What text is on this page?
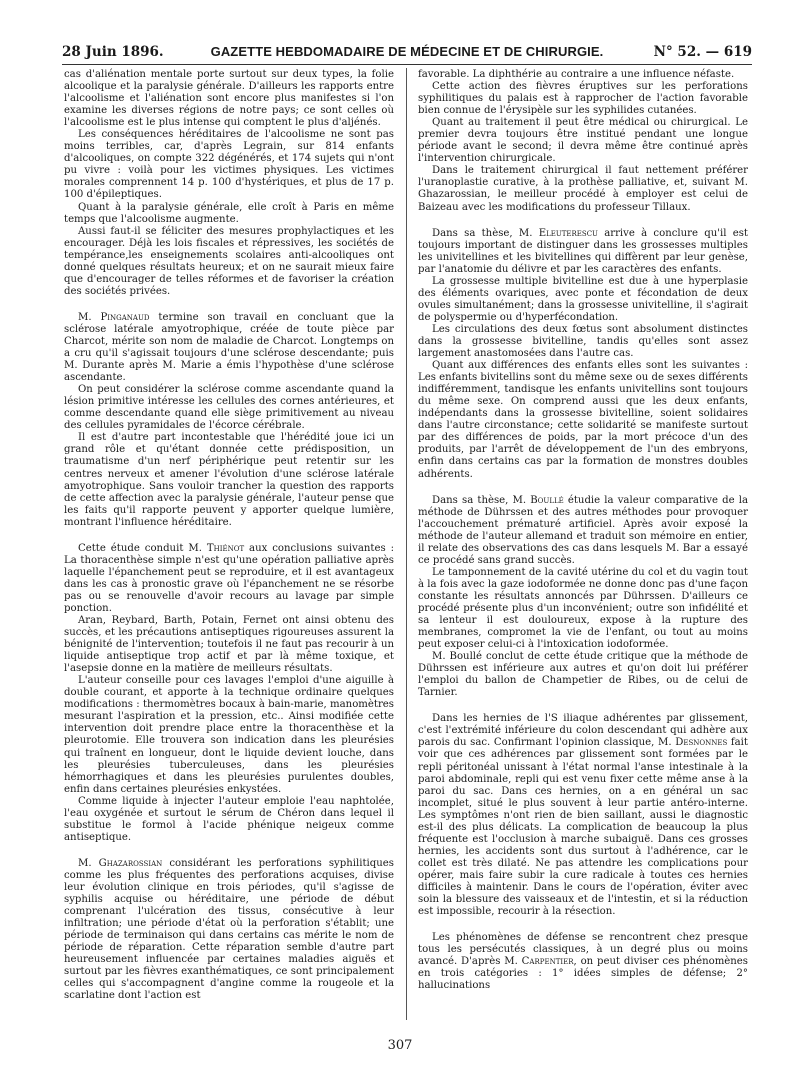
28 Juin 1896.	GAZETTE HEBDOMADAIRE DE MÉDECINE ET DE CHIRURGIE.	N° 52. — 619

cas d'aliénation mentale porte surtout sur deux types, la folie alcoolique et la paralysie générale. D'ailleurs les rapports entre l'alcoolisme et l'aliénation sont encore plus manifestes si l'on examine les diverses régions de notre pays; ce sont celles où l'alcoolisme est le plus intense qui comptent le plus d'aljénés.

Les conséquences héréditaires de l'alcoolisme ne sont pas moins terribles, car, d'après Legrain, sur 814 enfants d'alcooliques, on compte 322 dégénérés, et 174 sujets qui n'ont pu vivre : voilà pour les victimes physiques. Les victimes morales comprennent 14 p. 100 d'hystériques, et plus de 17 p. 100 d'épileptiques.

Quant à la paralysie générale, elle croît à Paris en même temps que l'alcoolisme augmente.

Aussi faut-il se féliciter des mesures prophylactiques et les encourager. Déjà les lois fiscales et répressives, les sociétés de tempérance,les enseignements scolaires anti-alcooliques ont donné quelques résultats heureux; et on ne saurait mieux faire que d'encourager de telles réformes et de favoriser la création des sociétés privées.

M. Pinganaud termine son travail en concluant que la sclérose latérale amyotrophique, créée de toute pièce par Charcot, mérite son nom de maladie de Charcot. Longtemps on a cru qu'il s'agissait toujours d'une sclérose descendante; puis M. Durante après M. Marie a émis l'hypothèse d'une sclérose ascendante.

On peut considérer la sclérose comme ascendante quand la lésion primitive intéresse les cellules des cornes antérieures, et comme descendante quand elle siège primitivement au niveau des cellules pyramidales de l'écorce cérébrale.

Il est d'autre part incontestable que l'hérédité joue ici un grand rôle et qu'étant donnée cette prédisposition, un traumatisme d'un nerf périphérique peut retentir sur les centres nerveux et amener l'évolution d'une sclérose latérale amyotrophique. Sans vouloir trancher la question des rapports de cette affection avec la paralysie générale, l'auteur pense que les faits qu'il rapporte peuvent y apporter quelque lumière, montrant l'influence héréditaire.

Cette étude conduit M. Thiénot aux conclusions suivantes : La thoracenthèse simple n'est qu'une opération palliative après laquelle l'épanchement peut se reproduire, et il est avantageux dans les cas à pronostic grave où l'épanchement ne se résorbe pas ou se renouvelle d'avoir recours au lavage par simple ponction.

Aran, Reybard, Barth, Potain, Fernet ont ainsi obtenu des succès, et les précautions antiseptiques rigoureuses assurent la bénignité de l'intervention; toutefois il ne faut pas recourir à un liquide antiseptique trop actif et par là même toxique, et l'asepsie donne en la matière de meilleurs résultats.

L'auteur conseille pour ces lavages l'emploi d'une aiguille à double courant, et apporte à la technique ordinaire quelques modifications : thermomètres bocaux à bain-marie, manomètres mesurant l'aspiration et la pression, etc.. Ainsi modifiée cette intervention doit prendre place entre la thoracenthèse et la pleurotomie. Elle trouvera son indication dans les pleurésies qui traînent en longueur, dont le liquide devient louche, dans les pleurésies tuberculeuses, dans les pleurésies hémorrhagiques et dans les pleurésies purulentes doubles, enfin dans certaines pleurésies enkystées.

Comme liquide à injecter l'auteur emploie l'eau naphtolée, l'eau oxygénée et surtout le sérum de Chéron dans lequel il substitue le formol à l'acide phénique neigeux comme antiseptique.

M. Ghazarossian considérant les perforations syphilitiques comme les plus fréquentes des perforations acquises, divise leur évolution clinique en trois périodes, qu'il s'agisse de syphilis acquise ou héréditaire, une période de début comprenant l'ulcération des tissus, consécutive à leur infiltration; une période d'état où la perforation s'établit; une période de terminaison qui dans certains cas mérite le nom de période de réparation. Cette réparation semble d'autre part heureusement influencée par certaines maladies aiguës et surtout par les fièvres exanthématiques, ce sont principalement celles qui s'accompagnent d'angine comme la rougeole et la scarlatine dont l'action est

favorable. La diphthérie au contraire a une influence néfaste.

Cette action des fièvres éruptives sur les perforations syphilitiques du palais est à rapprocher de l'action favorable bien connue de l'érysipèle sur les syphilides cutanées.

Quant au traitement il peut être médical ou chirurgical. Le premier devra toujours être institué pendant une longue période avant le second; il devra même être continué après l'intervention chirurgicale.

Dans le traitement chirurgical il faut nettement préférer l'uranoplastie curative, à la prothèse palliative, et, suivant M. Ghazarossian, le meilleur procédé à employer est celui de Baizeau avec les modifications du professeur Tillaux.

Dans sa thèse, M. Eleuterescu arrive à conclure qu'il est toujours important de distinguer dans les grossesses multiples les univitellines et les bivitellines qui diffèrent par leur genèse, par l'anatomie du délivre et par les caractères des enfants.

La grossesse multiple bivitelline est due à une hyperplasie des éléments ovariques, avec ponte et fécondation de deux ovules simultanément; dans la grossesse univitelline, il s'agirait de polyspermie ou d'hyperfécondation.

Les circulations des deux fœtus sont absolument distinctes dans la grossesse bivitelline, tandis qu'elles sont assez largement anastomosées dans l'autre cas.

Quant aux différences des enfants elles sont les suivantes : Les enfants bivitellins sont du même sexe ou de sexes différents indifféremment, tandisque les enfants univitellins sont toujours du même sexe. On comprend aussi que les deux enfants, indépendants dans la grossesse bivitelline, soient solidaires dans l'autre circonstance; cette solidarité se manifeste surtout par des différences de poids, par la mort précoce d'un des produits, par l'arrêt de développement de l'un des embryons, enfin dans certains cas par la formation de monstres doubles adhérents.

Dans sa thèse, M. Boullé étudie la valeur comparative de la méthode de Dührssen et des autres méthodes pour provoquer l'accouchement prématuré artificiel. Après avoir exposé la méthode de l'auteur allemand et traduit son mémoire en entier, il relate des observations des cas dans lesquels M. Bar a essayé ce procédé sans grand succès.

Le tamponnement de la cavité utérine du col et du vagin tout à la fois avec la gaze iodoformée ne donne donc pas d'une façon constante les résultats annoncés par Dührssen. D'ailleurs ce procédé présente plus d'un inconvénient; outre son infidélité et sa lenteur il est douloureux, expose à la rupture des membranes, compromet la vie de l'enfant, ou tout au moins peut exposer celui-ci à l'intoxication iodoformée.

M. Boullé conclut de cette étude critique que la méthode de Dührssen est inférieure aux autres et qu'on doit lui préférer l'emploi du ballon de Champetier de Ribes, ou de celui de Tarnier.

Dans les hernies de l'S iliaque adhérentes par glissement, c'est l'extrémité inférieure du colon descendant qui adhère aux parois du sac. Confirmant l'opinion classique, M. Desnonnes fait voir que ces adhérences par glissement sont formées par le repli péritonéal unissant à l'état normal l'anse intestinale à la paroi abdominale, repli qui est venu fixer cette même anse à la paroi du sac. Dans ces hernies, on a en général un sac incomplet, situé le plus souvent à leur partie antéro-interne. Les symptômes n'ont rien de bien saillant, aussi le diagnostic est-il des plus délicats. La complication de beaucoup la plus fréquente est l'occlusion à marche subaiguë. Dans ces grosses hernies, les accidents sont dus surtout à l'adhérence, car le collet est très dilaté. Ne pas attendre les complications pour opérer, mais faire subir la cure radicale à toutes ces hernies difficiles à maintenir. Dans le cours de l'opération, éviter avec soin la blessure des vaisseaux et de l'intestin, et si la réduction est impossible, recourir à la résection.

Les phénomènes de défense se rencontrent chez presque tous les persécutés classiques, à un degré plus ou moins avancé. D'après M. Carpentier, on peut diviser ces phénomènes en trois catégories : 1° idées simples de défense; 2° hallucinations

307
